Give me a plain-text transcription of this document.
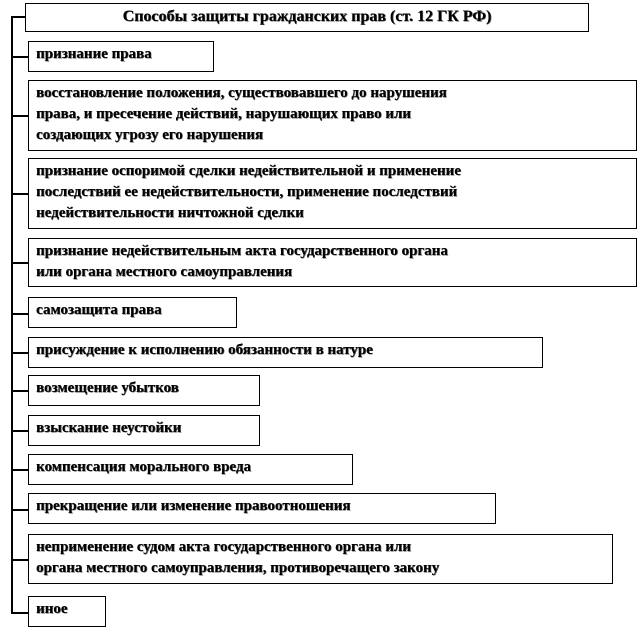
Способы защиты гражданских прав (ст. 12 ГК РФ)
признание права
восстановление положения, существовавшего до нарушения
права, и пресечение действий, нарушающих право или
создающих угрозу его нарушения
признание оспоримой сделки недействительной и применение
последствий ее недействительности, применение последствий
недействительности ничтожной сделки
признание недействительным акта государственного органа
или органа местного самоуправления
самозащита права
присуждение к исполнению обязанности в натуре
возмещение убытков
взыскание неустойки
компенсация морального вреда
прекращение или изменение правоотношения
неприменение судом акта государственного органа или
органа местного самоуправления, противоречащего закону
иное
